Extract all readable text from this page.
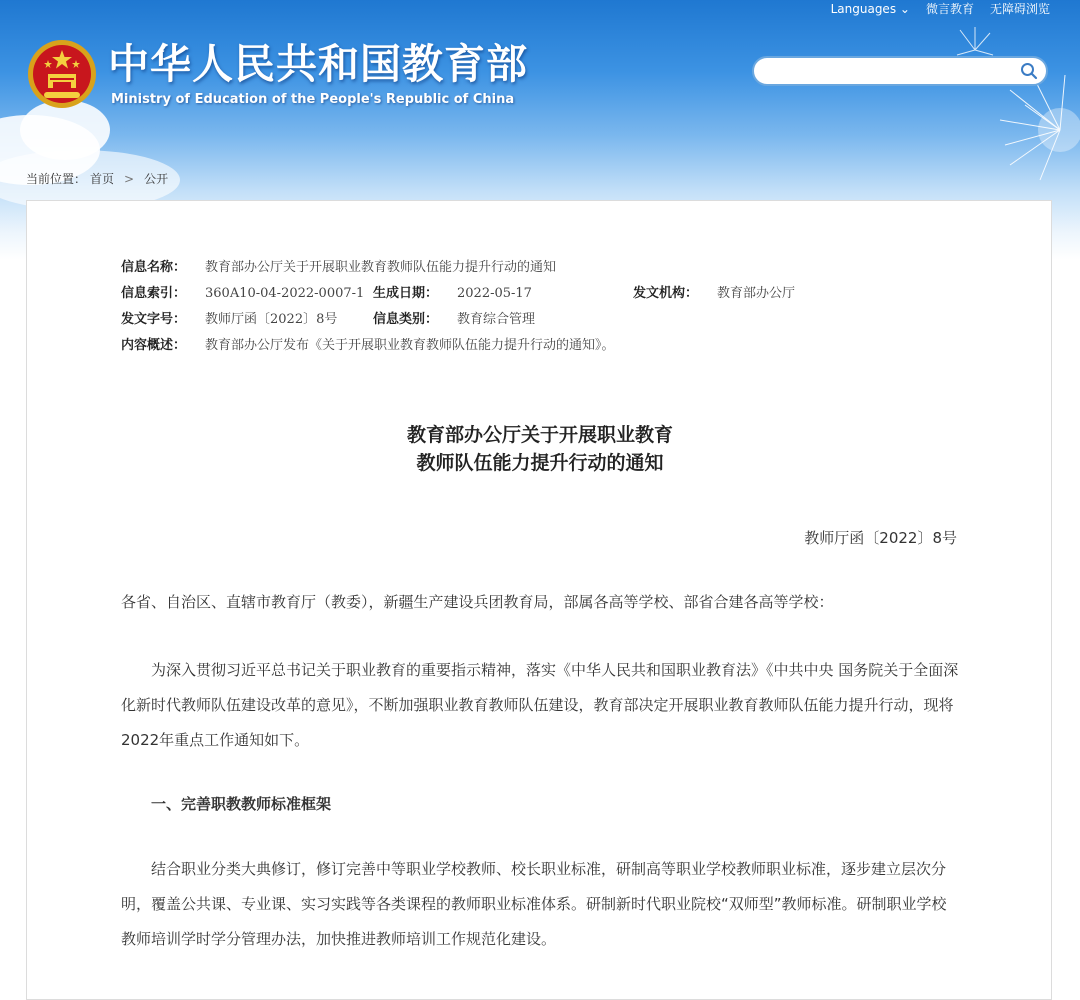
Languages ⌄ 微言教育 无障碍浏览
中华人民共和国教育部
Ministry of Education of the People's Republic of China
当前位置： 首页 > 公开
信息名称： 教育部办公厅关于开展职业教育教师队伍能力提升行动的通知
信息索引： 360A10-04-2022-0007-1 生成日期： 2022-05-17	发文机构： 教育部办公厅
发文字号： 教师厅函〔2022〕8号	信息类别： 教育综合管理
内容概述： 教育部办公厅发布《关于开展职业教育教师队伍能力提升行动的通知》。
教育部办公厅关于开展职业教育
教师队伍能力提升行动的通知
教师厅函〔2022〕8号
各省、自治区、直辖市教育厅（教委），新疆生产建设兵团教育局，部属各高等学校、部省合建各高等学校：
为深入贯彻习近平总书记关于职业教育的重要指示精神，落实《中华人民共和国职业教育法》《中共中央 国务院关于全面深化新时代教师队伍建设改革的意见》，不断加强职业教育教师队伍建设，教育部决定开展职业教育教师队伍能力提升行动，现将2022年重点工作通知如下。
一、完善职教教师标准框架
结合职业分类大典修订，修订完善中等职业学校教师、校长职业标准，研制高等职业学校教师职业标准，逐步建立层次分明，覆盖公共课、专业课、实习实践等各类课程的教师职业标准体系。研制新时代职业院校“双师型”教师标准。研制职业学校教师培训学时学分管理办法，加快推进教师培训工作规范化建设。
